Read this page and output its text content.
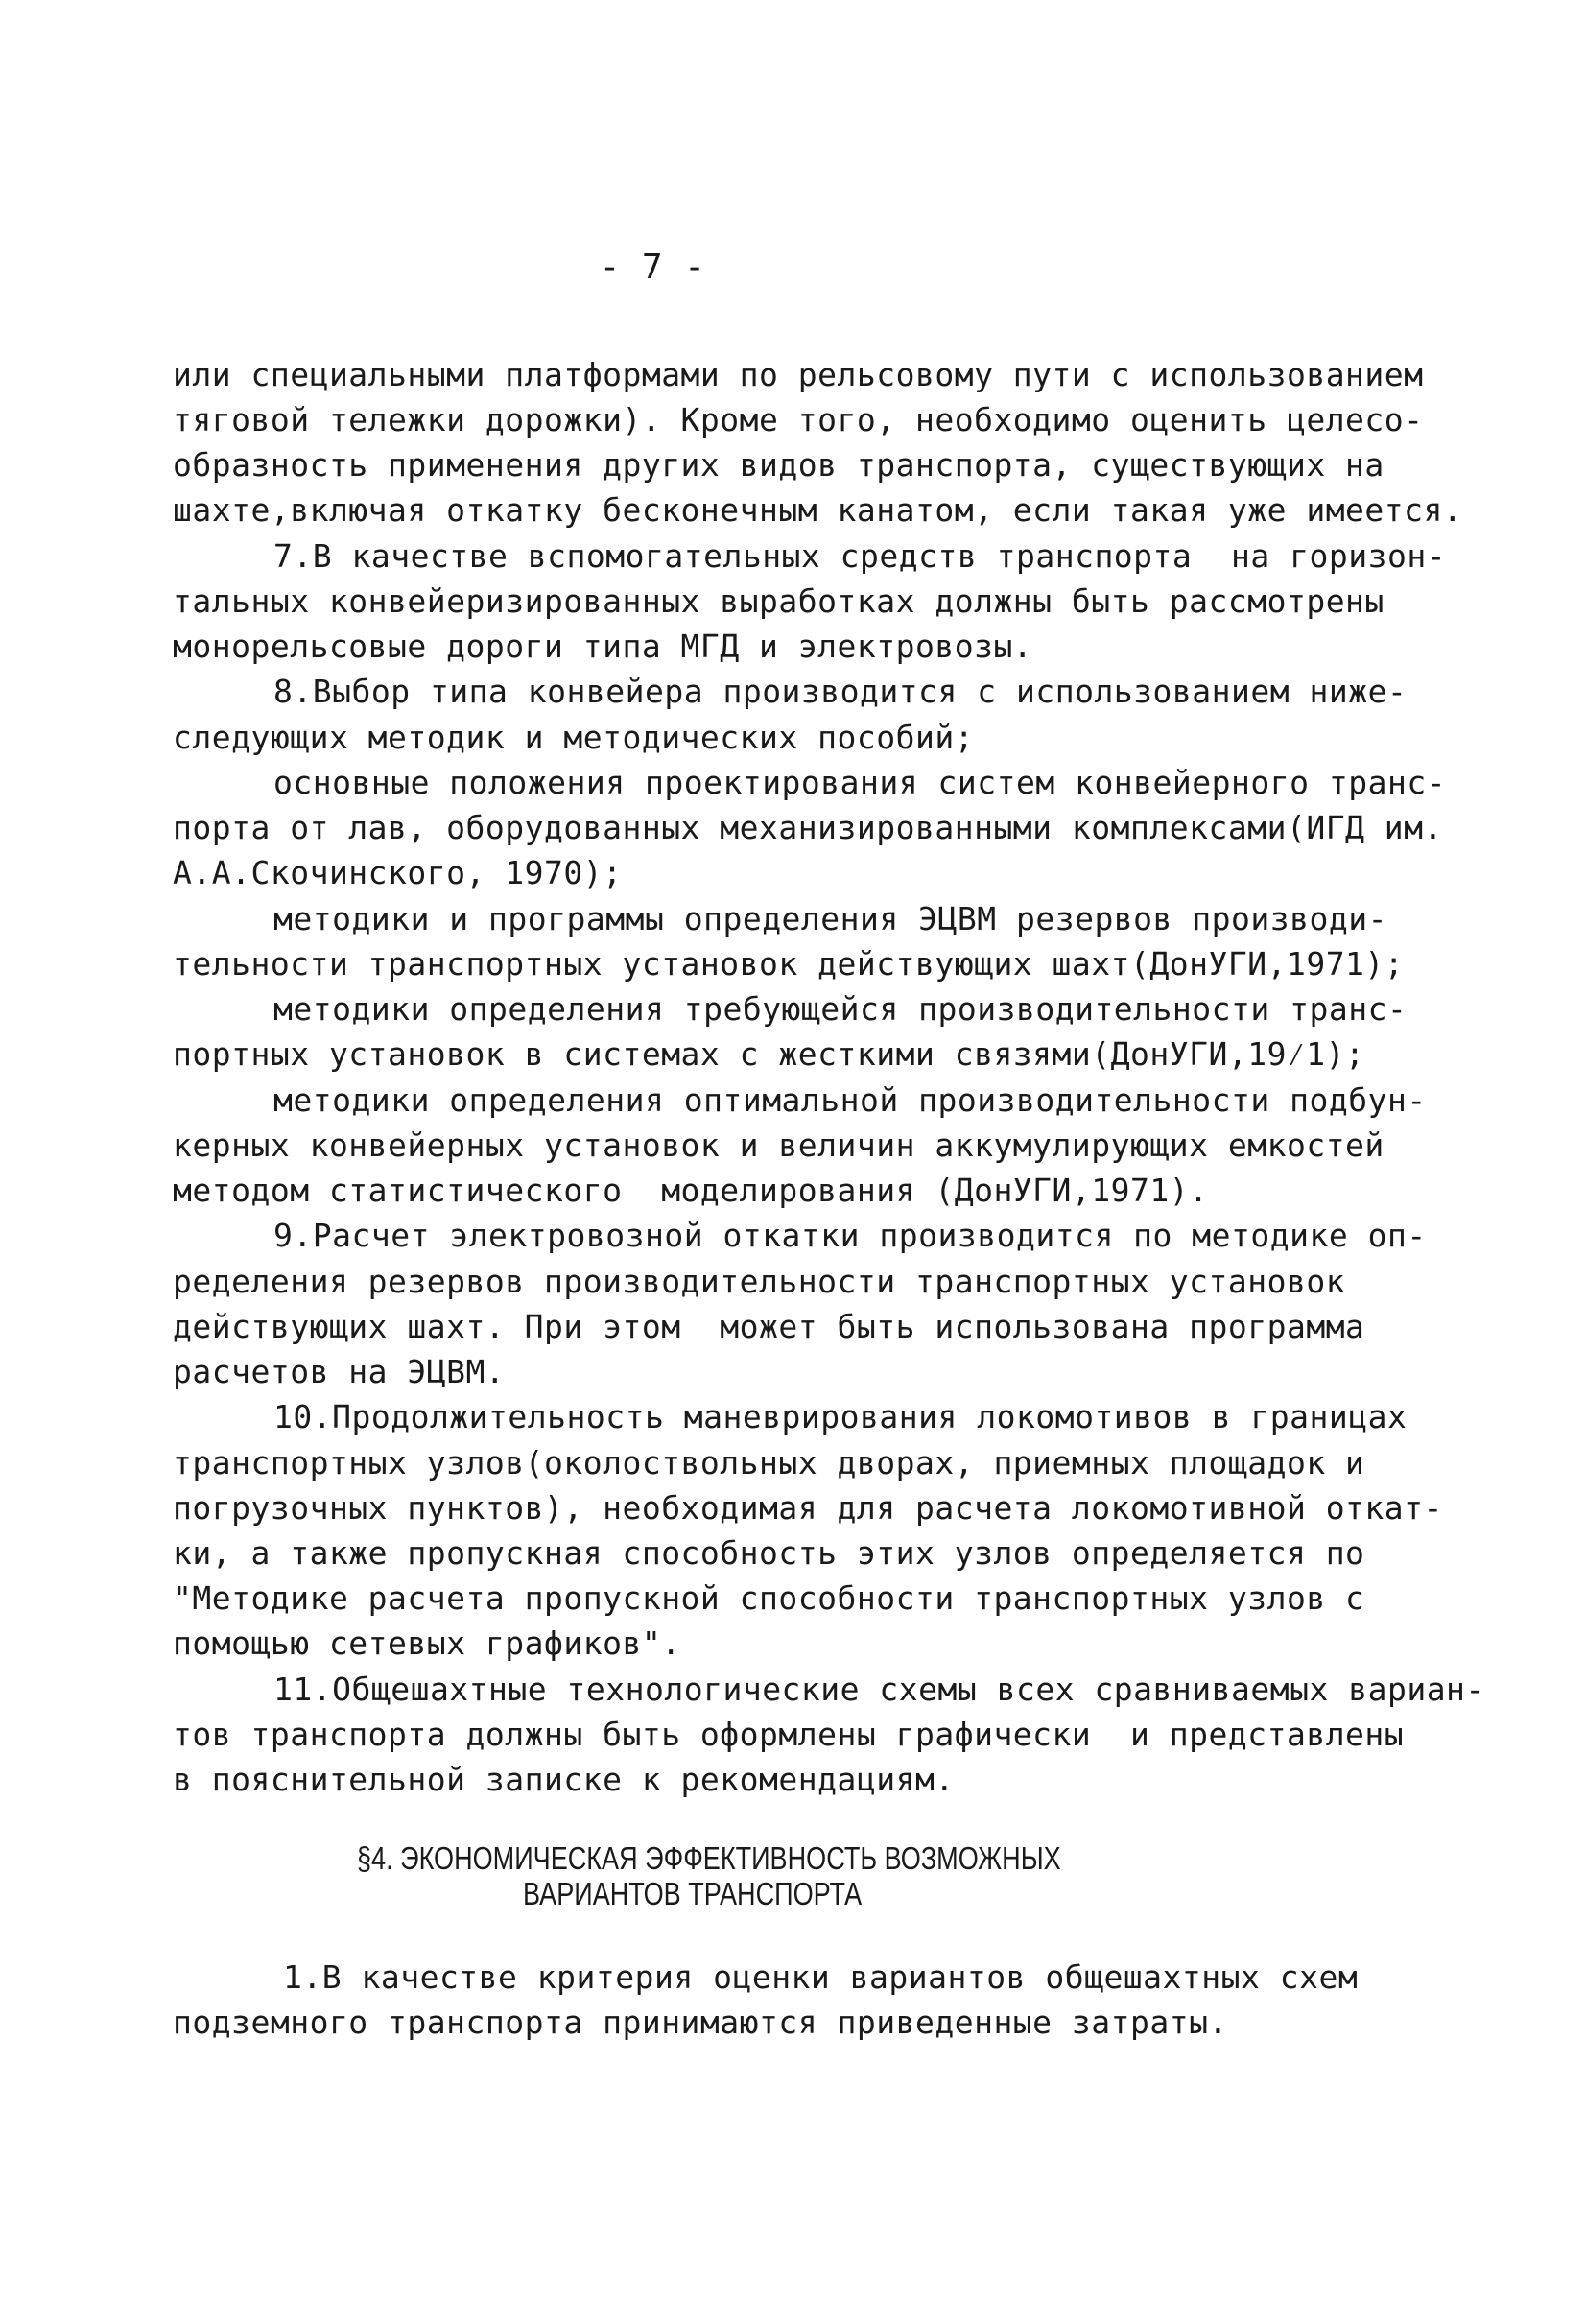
- 7 -
или специальными платформами по рельсовому пути с использованием
тяговой тележки дорожки). Кроме того, необходимо оценить целесо-
образность применения других видов транспорта, существующих на
шахте,включая откатку бесконечным канатом, если такая уже имеется.
7.В качестве вспомогательных средств транспорта  на горизон-
тальных конвейеризированных выработках должны быть рассмотрены
монорельсовые дороги типа МГД и электровозы.
8.Выбор типа конвейера производится с использованием ниже-
следующих методик и методических пособий;
основные положения проектирования систем конвейерного транс-
порта от лав, оборудованных механизированными комплексами(ИГД им.
А.А.Скочинского, 1970);
методики и программы определения ЭЦВМ резервов производи-
тельности транспортных установок действующих шахт(ДонУГИ,1971);
методики определения требующейся производительности транс-
портных установок в системах с жесткими связями(ДонУГИ,19⁄1);
методики определения оптимальной производительности подбун-
керных конвейерных установок и величин аккумулирующих емкостей
методом статистического  моделирования (ДонУГИ,1971).
9.Расчет электровозной откатки производится по методике оп-
ределения резервов производительности транспортных установок
действующих шахт. При этом  может быть использована программа
расчетов на ЭЦВМ.
10.Продолжительность маневрирования локомотивов в границах
транспортных узлов(околоствольных дворах, приемных площадок и
погрузочных пунктов), необходимая для расчета локомотивной откат-
ки, а также пропускная способность этих узлов определяется по
"Методике расчета пропускной способности транспортных узлов с
помощью сетевых графиков".
11.Общешахтные технологические схемы всех сравниваемых вариан-
тов транспорта должны быть оформлены графически  и представлены
в пояснительной записке к рекомендациям.
§4. ЭКОНОМИЧЕСКАЯ ЭФФЕКТИВНОСТЬ ВОЗМОЖНЫХ
ВАРИАНТОВ ТРАНСПОРТА
1.В качестве критерия оценки вариантов общешахтных схем
подземного транспорта принимаются приведенные затраты.
